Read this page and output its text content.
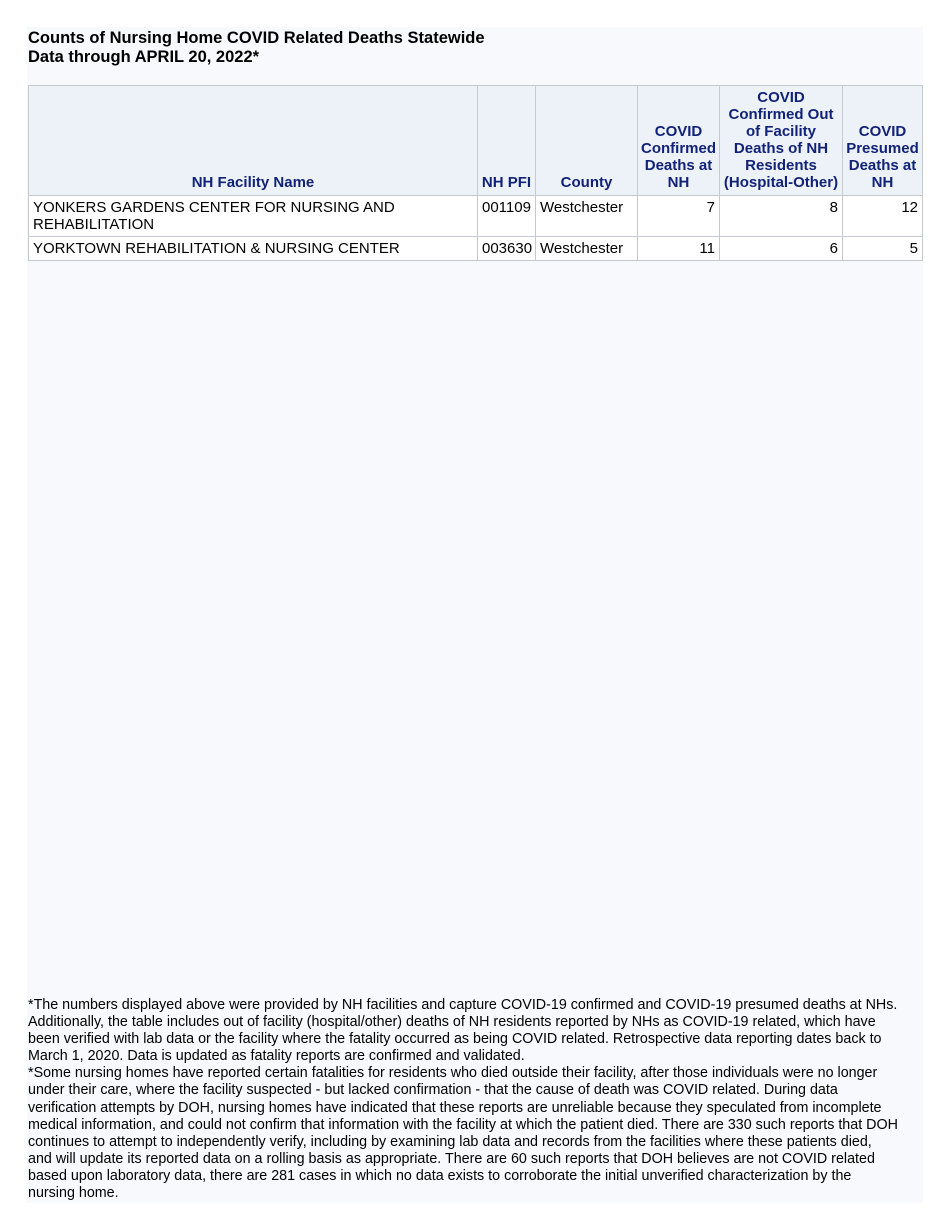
Counts of Nursing Home COVID Related Deaths Statewide
Data through APRIL 20, 2022*
NH Facility Name	NH PFI	County	COVID Confirmed Deaths at NH	COVID Confirmed Out of Facility Deaths of NH Residents (Hospital-Other)	COVID Presumed Deaths at NH
YONKERS GARDENS CENTER FOR NURSING AND REHABILITATION	001109	Westchester	7	8	12
YORKTOWN REHABILITATION & NURSING CENTER	003630	Westchester	11	6	5

*The numbers displayed above were provided by NH facilities and capture COVID-19 confirmed and COVID-19 presumed deaths at NHs. Additionally, the table includes out of facility (hospital/other) deaths of NH residents reported by NHs as COVID-19 related, which have been verified with lab data or the facility where the fatality occurred as being COVID related. Retrospective data reporting dates back to March 1, 2020. Data is updated as fatality reports are confirmed and validated.

*Some nursing homes have reported certain fatalities for residents who died outside their facility, after those individuals were no longer under their care, where the facility suspected - but lacked confirmation - that the cause of death was COVID related. During data verification attempts by DOH, nursing homes have indicated that these reports are unreliable because they speculated from incomplete medical information, and could not confirm that information with the facility at which the patient died. There are 330 such reports that DOH continues to attempt to independently verify, including by examining lab data and records from the facilities where these patients died, and will update its reported data on a rolling basis as appropriate. There are 60 such reports that DOH believes are not COVID related based upon laboratory data, there are 281 cases in which no data exists to corroborate the initial unverified characterization by the nursing home.
